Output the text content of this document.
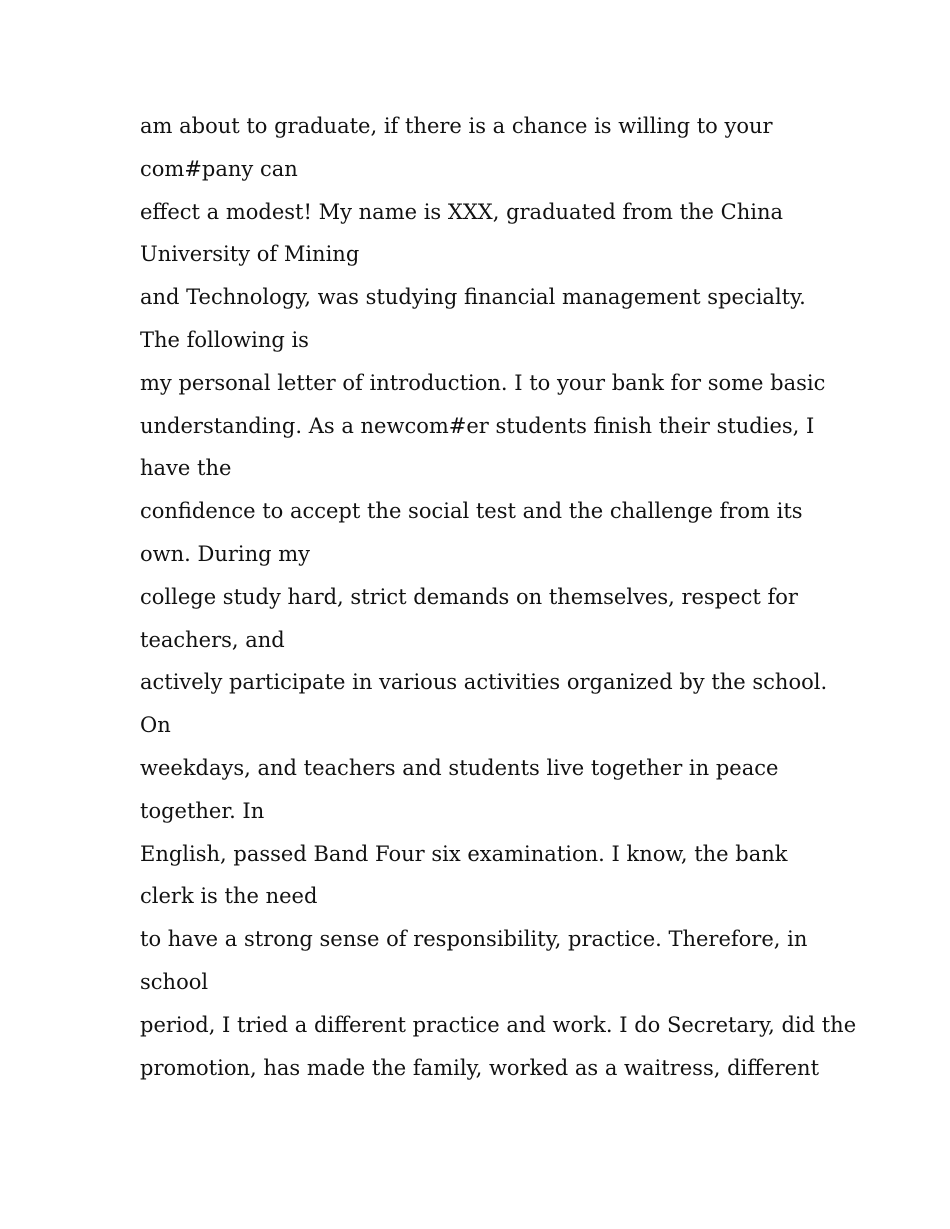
am about to graduate, if there is a chance is willing to your
com#pany can
effect a modest! My name is XXX, graduated from the China
University of Mining
and Technology, was studying financial management specialty.
The following is
my personal letter of introduction. I to your bank for some basic
understanding. As a newcom#er students finish their studies, I
have the
confidence to accept the social test and the challenge from its
own. During my
college study hard, strict demands on themselves, respect for
teachers, and
actively participate in various activities organized by the school.
On
weekdays, and teachers and students live together in peace
together. In
English, passed Band Four six examination. I know, the bank
clerk is the need
to have a strong sense of responsibility, practice. Therefore, in
school
period, I tried a different practice and work. I do Secretary, did the
promotion, has made the family, worked as a waitress, different
